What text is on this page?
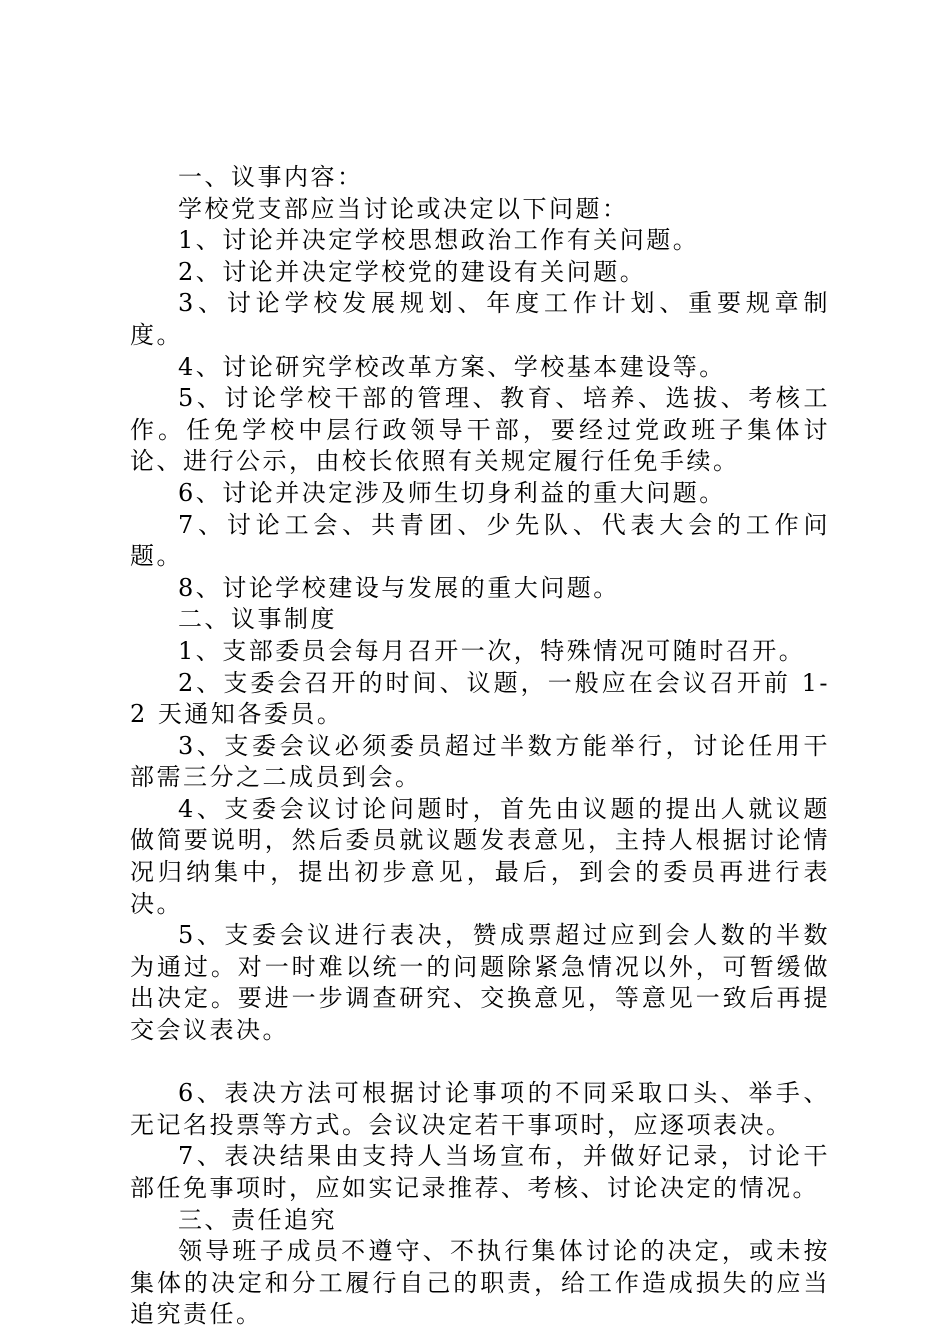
一、议事内容：

学校党支部应当讨论或决定以下问题：

1、讨论并决定学校思想政治工作有关问题。

2、讨论并决定学校党的建设有关问题。

3、讨论学校发展规划、年度工作计划、重要规章制度。

4、讨论研究学校改革方案、学校基本建设等。

5、讨论学校干部的管理、教育、培养、选拔、考核工作。任免学校中层行政领导干部，要经过党政班子集体讨论、进行公示，由校长依照有关规定履行任免手续。

6、讨论并决定涉及师生切身利益的重大问题。

7、讨论工会、共青团、少先队、代表大会的工作问题。

8、讨论学校建设与发展的重大问题。

二、议事制度

1、支部委员会每月召开一次，特殊情况可随时召开。

2、支委会召开的时间、议题，一般应在会议召开前 1-2 天通知各委员。

3、支委会议必须委员超过半数方能举行，讨论任用干部需三分之二成员到会。

4、支委会议讨论问题时，首先由议题的提出人就议题做简要说明，然后委员就议题发表意见，主持人根据讨论情况归纳集中，提出初步意见，最后，到会的委员再进行表决。

5、支委会议进行表决，赞成票超过应到会人数的半数为通过。对一时难以统一的问题除紧急情况以外，可暂缓做出决定。要进一步调查研究、交换意见，等意见一致后再提交会议表决。

6、表决方法可根据讨论事项的不同采取口头、举手、无记名投票等方式。会议决定若干事项时，应逐项表决。

7、表决结果由支持人当场宣布，并做好记录，讨论干部任免事项时，应如实记录推荐、考核、讨论决定的情况。

三、责任追究

领导班子成员不遵守、不执行集体讨论的决定，或未按集体的决定和分工履行自己的职责，给工作造成损失的应当追究责任。
